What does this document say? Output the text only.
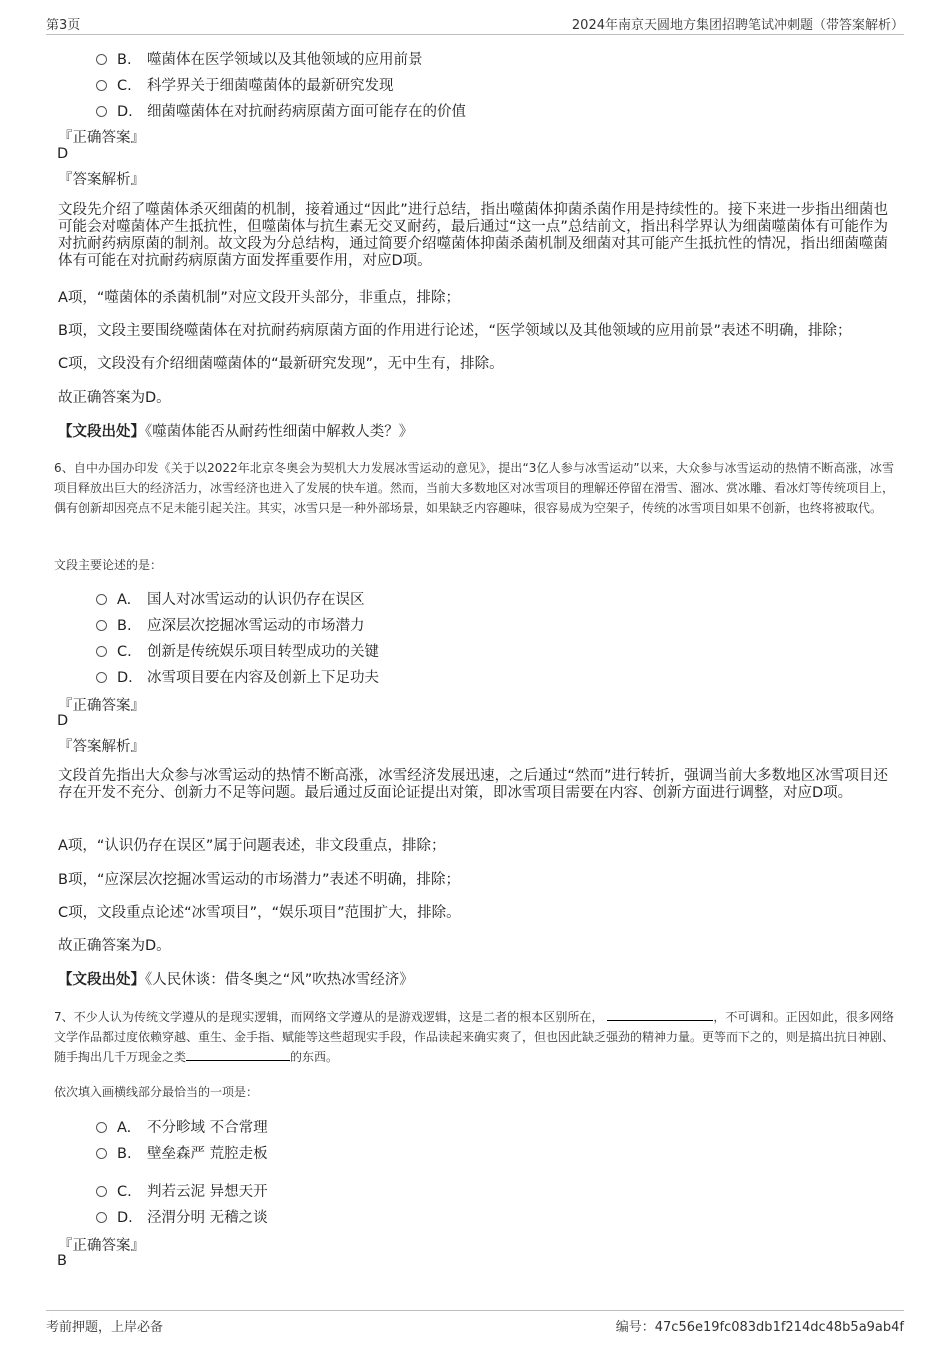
第3页	2024年南京天圆地方集团招聘笔试冲刺题（带答案解析）
B. 噬菌体在医学领域以及其他领域的应用前景
C. 科学界关于细菌噬菌体的最新研究发现
D. 细菌噬菌体在对抗耐药病原菌方面可能存在的价值
『正确答案』
D
『答案解析』
文段先介绍了噬菌体杀灭细菌的机制，接着通过“因此”进行总结，指出噬菌体抑菌杀菌作用是持续性的。接下来进一步指出细菌也可能会对噬菌体产生抵抗性，但噬菌体与抗生素无交叉耐药，最后通过“这一点”总结前文，指出科学界认为细菌噬菌体有可能作为对抗耐药病原菌的制剂。故文段为分总结构，通过简要介绍噬菌体抑菌杀菌机制及细菌对其可能产生抵抗性的情况，指出细菌噬菌体有可能在对抗耐药病原菌方面发挥重要作用，对应D项。
A项，“噬菌体的杀菌机制”对应文段开头部分，非重点，排除；
B项，文段主要围绕噬菌体在对抗耐药病原菌方面的作用进行论述，“医学领域以及其他领域的应用前景”表述不明确，排除；
C项，文段没有介绍细菌噬菌体的“最新研究发现”，无中生有，排除。
故正确答案为D。
【文段出处】《噬菌体能否从耐药性细菌中解救人类？》
6、自中办国办印发《关于以2022年北京冬奥会为契机大力发展冰雪运动的意见》，提出“3亿人参与冰雪运动”以来，大众参与冰雪运动的热情不断高涨，冰雪项目释放出巨大的经济活力，冰雪经济也进入了发展的快车道。然而，当前大多数地区对冰雪项目的理解还停留在滑雪、溜冰、赏冰雕、看冰灯等传统项目上，偶有创新却因亮点不足未能引起关注。其实，冰雪只是一种外部场景，如果缺乏内容趣味，很容易成为空架子，传统的冰雪项目如果不创新，也终将被取代。
文段主要论述的是：
A. 国人对冰雪运动的认识仍存在误区
B. 应深层次挖掘冰雪运动的市场潜力
C. 创新是传统娱乐项目转型成功的关键
D. 冰雪项目要在内容及创新上下足功夫
『正确答案』
D
『答案解析』
文段首先指出大众参与冰雪运动的热情不断高涨，冰雪经济发展迅速，之后通过“然而”进行转折，强调当前大多数地区冰雪项目还存在开发不充分、创新力不足等问题。最后通过反面论证提出对策，即冰雪项目需要在内容、创新方面进行调整，对应D项。
A项，“认识仍存在误区”属于问题表述，非文段重点，排除；
B项，“应深层次挖掘冰雪运动的市场潜力”表述不明确，排除；
C项，文段重点论述“冰雪项目”，“娱乐项目”范围扩大，排除。
故正确答案为D。
【文段出处】《人民休谈：借冬奥之“风”吹热冰雪经济》
7、不少人认为传统文学遵从的是现实逻辑，而网络文学遵从的是游戏逻辑，这是二者的根本区别所在，	，不可调和。正因如此，很多网络文学作品都过度依赖穿越、重生、金手指、赋能等这些超现实手段，作品读起来确实爽了，但也因此缺乏强劲的精神力量。更等而下之的，则是搞出抗日神剧、随手掏出几千万现金之类	的东西。
依次填入画横线部分最恰当的一项是：
A. 不分畛域 不合常理
B. 壁垒森严 荒腔走板
C. 判若云泥 异想天开
D. 泾渭分明 无稽之谈
『正确答案』
B
考前押题，上岸必备	编号：47c56e19fc083db1f214dc48b5a9ab4f
